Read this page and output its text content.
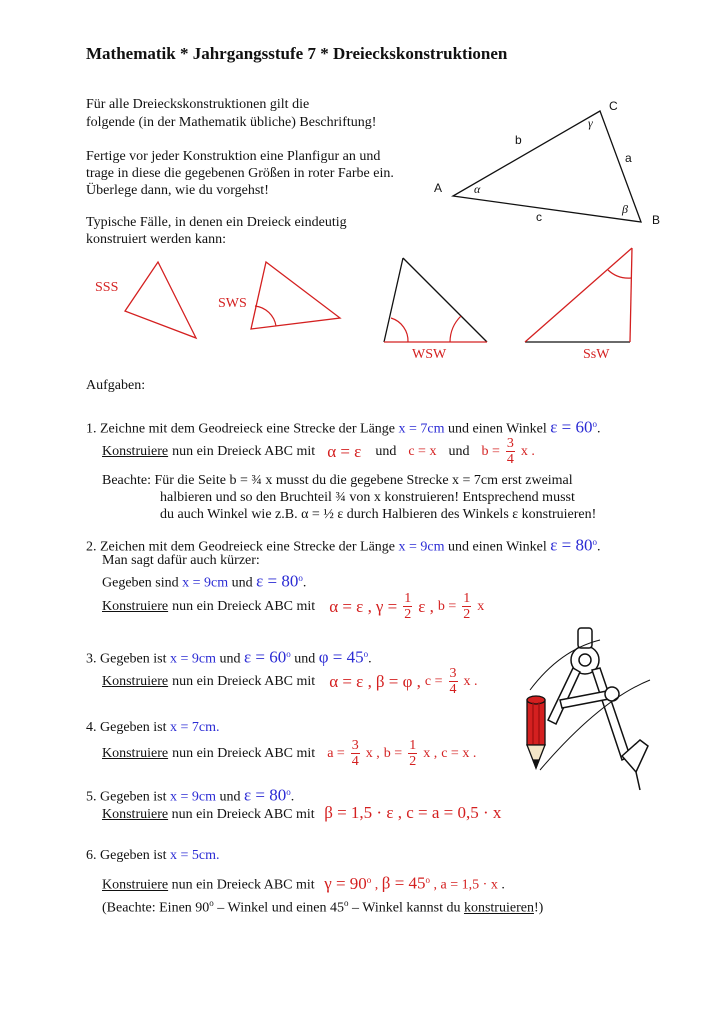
Mathematik * Jahrgangsstufe 7 * Dreieckskonstruktionen
Für alle Dreieckskonstruktionen gilt die
folgende (in der Mathematik übliche) Beschriftung!
Fertige vor jeder Konstruktion eine Planfigur an und
trage in diese die gegebenen Größen in roter Farbe ein.
Überlege dann, wie du vorgehst!
Typische Fälle, in denen ein Dreieck eindeutig
konstruiert werden kann:
C
A
B
b
a
c
α
β
γ
SSS
SWS
WSW	SsW
Aufgaben:
1. Zeichne mit dem Geodreieck eine Strecke der Länge x = 7cm und einen Winkel $\varepsilon = 60^o$.
Konstruiere nun ein Dreieck ABC mit α = ε und c = x und $b = \frac{3}{4}$ x .
Beachte: Für die Seite b = ¾ x musst du die gegebene Strecke x = 7cm erst zweimal
halbieren und so den Bruchteil ¾ von x konstruieren! Entsprechend musst
du auch Winkel wie z.B. α = ½ ε durch Halbieren des Winkels ε konstruieren!
2. Zeichen mit dem Geodreieck eine Strecke der Länge x = 9cm und einen Winkel $\varepsilon = 80^o$.
Man sagt dafür auch kürzer:
Gegeben sind x = 9cm und $\varepsilon = 80^o$.
Konstruiere nun ein Dreieck ABC mit α = ε , $\gamma = \frac{1}{2}$ ε , $b = \frac{1}{2}$ x
3. Gegeben ist x = 9cm und $\varepsilon = 60^o$ und $\varphi = 45^o$.
Konstruiere nun ein Dreieck ABC mit α = ε , β = φ , $c = \frac{3}{4}$ x .
4. Gegeben ist x = 7cm.
Konstruiere nun ein Dreieck ABC mit $a = \frac{3}{4}$ x , $b = \frac{1}{2}$ x , c = x .
5. Gegeben ist x = 9cm und $\varepsilon = 80^o$.
Konstruiere nun ein Dreieck ABC mit β = 1,5 · ε , c = a = 0,5 · x
6. Gegeben ist x = 5cm.
Konstruiere nun ein Dreieck ABC mit $\gamma = 90^o$ , $\beta = 45^o$ , a = 1,5 · x .
(Beachte: Einen 90$^o$ – Winkel und einen 45$^o$ – Winkel kannst du konstruieren!)
